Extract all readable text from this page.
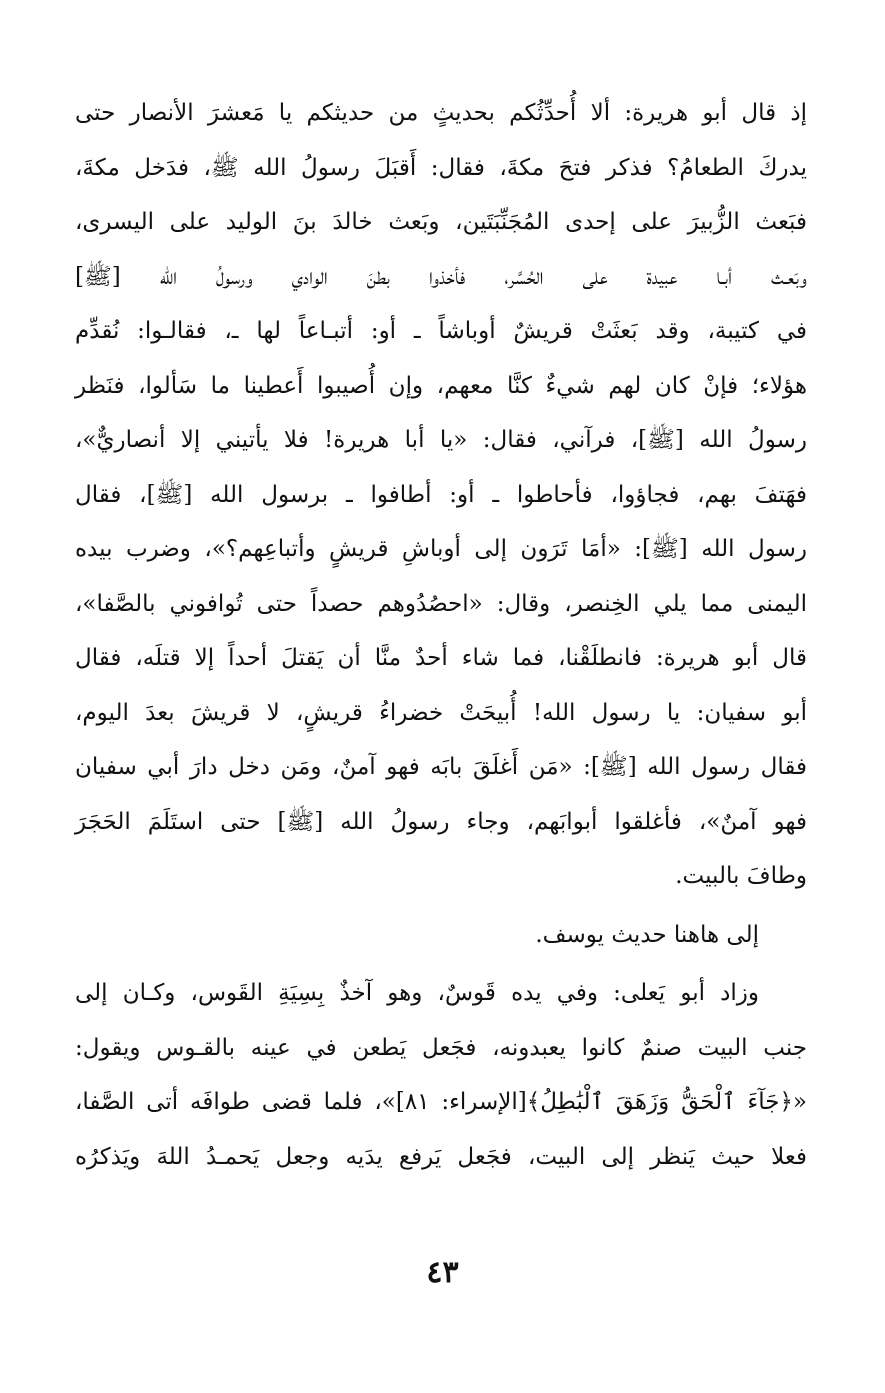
إذ قال أبو هريرة: ألا أُحدِّثُكم بحديثٍ من حديثكم يا مَعشرَ الأنصار حتى
يدركَ الطعامُ؟ فذكر فتحَ مكةَ، فقال: أَقبَلَ رسولُ الله ﷺ، فدَخل مكةَ،
فبَعث الزُّبيرَ على إحدى المُجَنِّبَتَين، وبَعث خالدَ بنَ الوليد على اليسرى،
وبَعـث أبـا عبيدة على الحُسَّر، فأخذوا بطنَ الوادي ورسولُ الله [ﷺ]
في كتيبة، وقد بَعثَتْ قريشٌ أوباشاً ـ أو: أتبـاعاً لها ـ، فقالـوا: نُقدِّم
هؤلاء؛ فإنْ كان لهم شيءٌ كنَّا معهم، وإن أُصيبوا أَعطينا ما سَألوا، فنَظر
رسولُ الله [ﷺ]، فرآني، فقال: «يا أبا هريرة! فلا يأتيني إلا أنصاريٌّ»،
فهَتفَ بهم، فجاؤوا، فأحاطوا ـ أو: أطافوا ـ برسول الله [ﷺ]، فقال
رسول الله [ﷺ]: «أمَا تَرَون إلى أوباشِ قريشٍ وأتباعِهم؟»، وضرب بيده
اليمنى مما يلي الخِنصر، وقال: «احصُدُوهم حصداً حتى تُوافوني بالصَّفا»،
قال أبو هريرة: فانطلَقْنا، فما شاء أحدٌ منَّا أن يَقتلَ أحداً إلا قتلَه، فقال
أبو سفيان: يا رسول الله! أُبيحَتْ خضراءُ قريشٍ، لا قريشَ بعدَ اليوم،
فقال رسول الله [ﷺ]: «مَن أَغلَقَ بابَه فهو آمنٌ، ومَن دخل دارَ أبي سفيان
فهو آمنٌ»، فأغلقوا أبوابَهم، وجاء رسولُ الله [ﷺ] حتى استَلَمَ الحَجَرَ
وطافَ بالبيت.
إلى هاهنا حديث يوسف.
وزاد أبو يَعلى: وفي يده قَوسٌ، وهو آخذٌ بِسِيَةِ القَوس، وكـان إلى
جنب البيت صنمٌ كانوا يعبدونه، فجَعل يَطعن في عينه بالقـوس ويقول:
«﴿جَآءَ ٱلْحَقُّ وَزَهَقَ ٱلْبَٰطِلُ﴾[الإسراء: ٨١]»، فلما قضى طوافَه أتى الصَّفا،
فعلا حيث يَنظر إلى البيت، فجَعل يَرفع يدَيه وجعل يَحمـدُ اللهَ ويَذكرُه
٤٣
